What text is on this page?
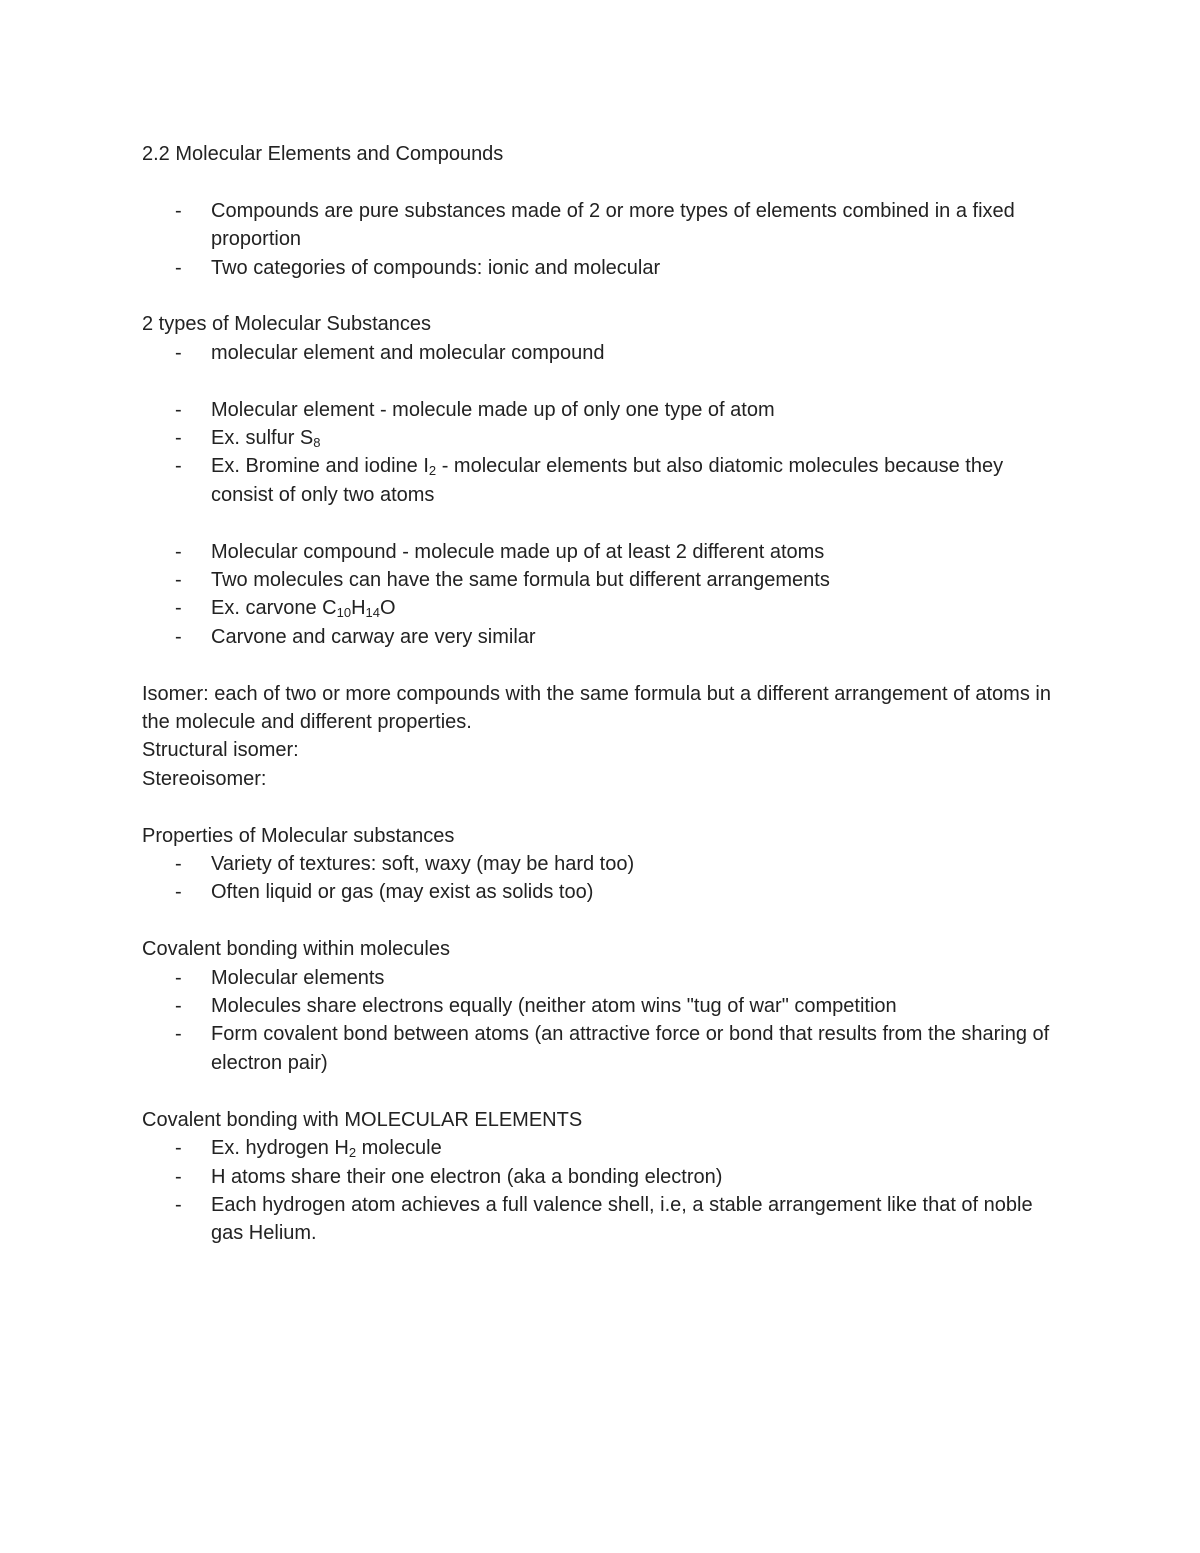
2.2 Molecular Elements and Compounds

- Compounds are pure substances made of 2 or more types of elements combined in a fixed proportion
- Two categories of compounds: ionic and molecular

2 types of Molecular Substances

- molecular element and molecular compound
- Molecular element - molecule made up of only one type of atom
- Ex. sulfur $S_8$
- Ex. Bromine and iodine $I_2$ - molecular elements but also diatomic molecules because they consist of only two atoms
- Molecular compound - molecule made up of at least 2 different atoms
- Two molecules can have the same formula but different arrangements
- Ex. carvone $C_{10}H_{14}O$
- Carvone and carway are very similar

Isomer: each of two or more compounds with the same formula but a different arrangement of atoms in the molecule and different properties.

Structural isomer:

Stereoisomer:

Properties of Molecular substances

- Variety of textures: soft, waxy (may be hard too)
- Often liquid or gas (may exist as solids too)

Covalent bonding within molecules

- Molecular elements
- Molecules share electrons equally (neither atom wins "tug of war" competition
- Form covalent bond between atoms (an attractive force or bond that results from the sharing of electron pair)

Covalent bonding with MOLECULAR ELEMENTS

- Ex. hydrogen $H_2$ molecule
- H atoms share their one electron (aka a bonding electron)
- Each hydrogen atom achieves a full valence shell, i.e, a stable arrangement like that of noble gas Helium.
